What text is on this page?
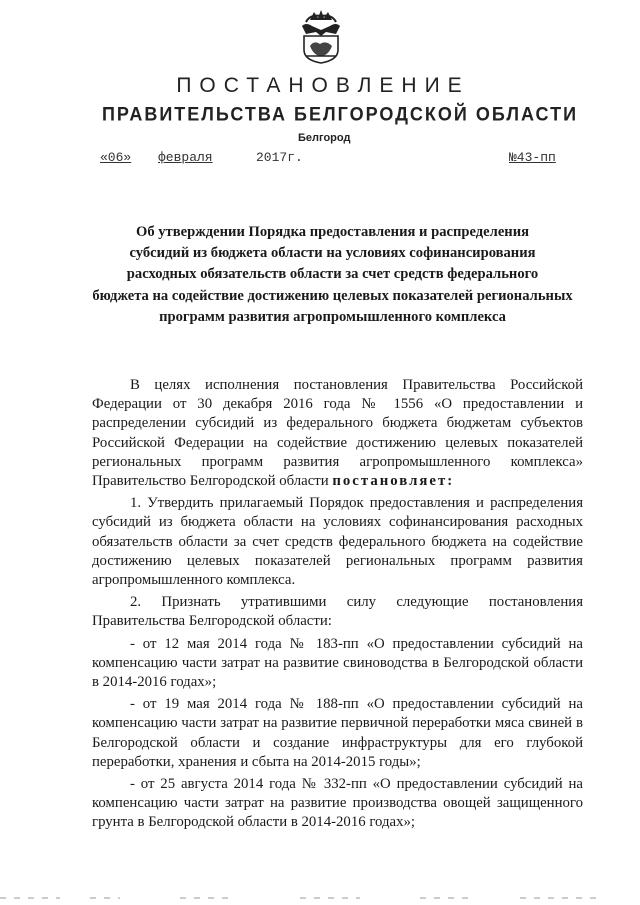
ПОСТАНОВЛЕНИЕ
ПРАВИТЕЛЬСТВА БЕЛГОРОДСКОЙ ОБЛАСТИ
Белгород
«06» февраля	2017г.	№43-пп
Об утверждении Порядка предоставления и распределения
субсидий из бюджета области на условиях софинансирования
расходных обязательств области за счет средств федерального
бюджета на содействие достижению целевых показателей региональных
программ развития агропромышленного комплекса

В целях исполнения постановления Правительства Российской Федерации от 30 декабря 2016 года № 1556 «О предоставлении и распределении субсидий из федерального бюджета бюджетам субъектов Российской Федерации на содействие достижению целевых показателей региональных программ развития агропромышленного комплекса» Правительство Белгородской области постановляет:

1. Утвердить прилагаемый Порядок предоставления и распределения субсидий из бюджета области на условиях софинансирования расходных обязательств области за счет средств федерального бюджета на содействие достижению целевых показателей региональных программ развития агропромышленного комплекса.

2. Признать утратившими силу следующие постановления Правительства Белгородской области:

- от 12 мая 2014 года № 183-пп «О предоставлении субсидий на компенсацию части затрат на развитие свиноводства в Белгородской области в 2014-2016 годах»;

- от 19 мая 2014 года № 188-пп «О предоставлении субсидий на компенсацию части затрат на развитие первичной переработки мяса свиней в Белгородской области и создание инфраструктуры для его глубокой переработки, хранения и сбыта на 2014-2015 годы»;

- от 25 августа 2014 года № 332-пп «О предоставлении субсидий на компенсацию части затрат на развитие производства овощей защищенного грунта в Белгородской области в 2014-2016 годах»;
